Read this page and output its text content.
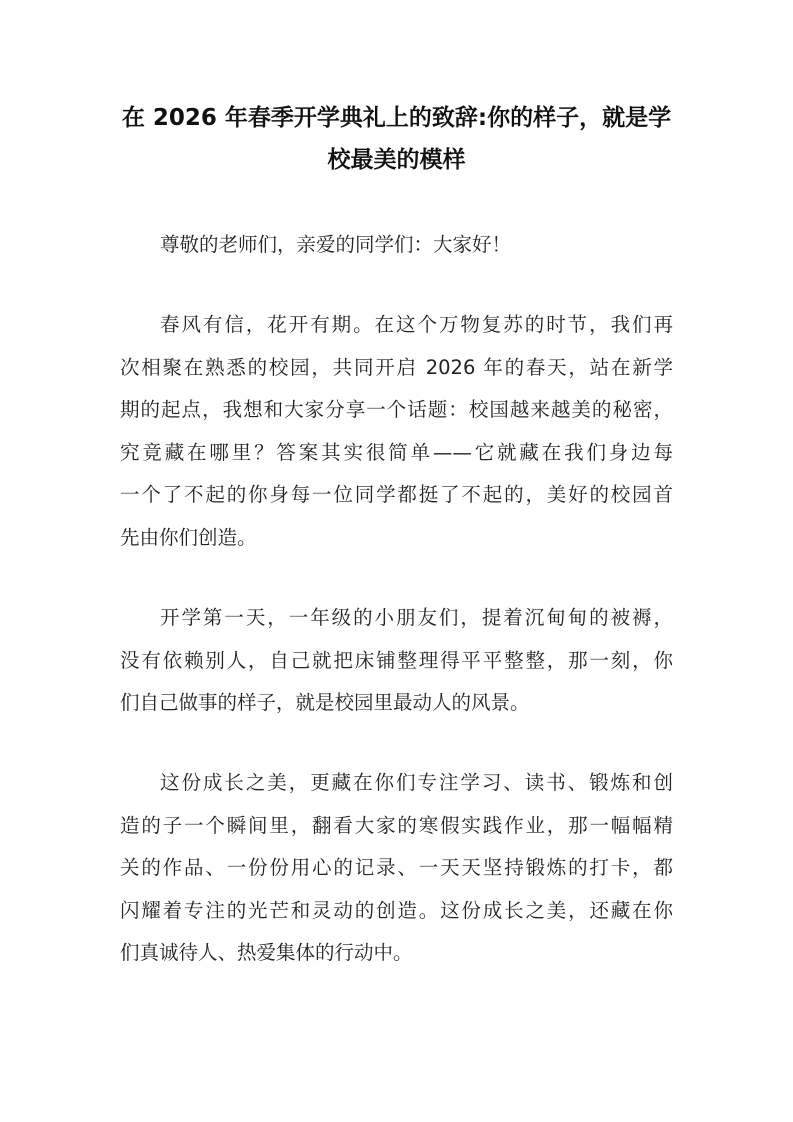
在 2026 年春季开学典礼上的致辞:你的样子，就是学
校最美的模样
尊敬的老师们，亲爱的同学们：大家好！
春风有信，花开有期。在这个万物复苏的时节，我们再
次相聚在熟悉的校园，共同开启 2026 年的春天，站在新学
期的起点，我想和大家分享一个话题：校国越来越美的秘密，
究竟藏在哪里？答案其实很简单——它就藏在我们身边每
一个了不起的你身每一位同学都挺了不起的，美好的校园首
先由你们创造。
开学第一天，一年级的小朋友们，提着沉甸甸的被褥，
没有依赖别人，自己就把床铺整理得平平整整，那一刻，你
们自己做事的样子，就是校园里最动人的风景。
这份成长之美，更藏在你们专注学习、读书、锻炼和创
造的子一个瞬间里，翻看大家的寒假实践作业，那一幅幅精
关的作品、一份份用心的记录、一天天坚持锻炼的打卡，都
闪耀着专注的光芒和灵动的创造。这份成长之美，还藏在你
们真诚待人、热爱集体的行动中。
